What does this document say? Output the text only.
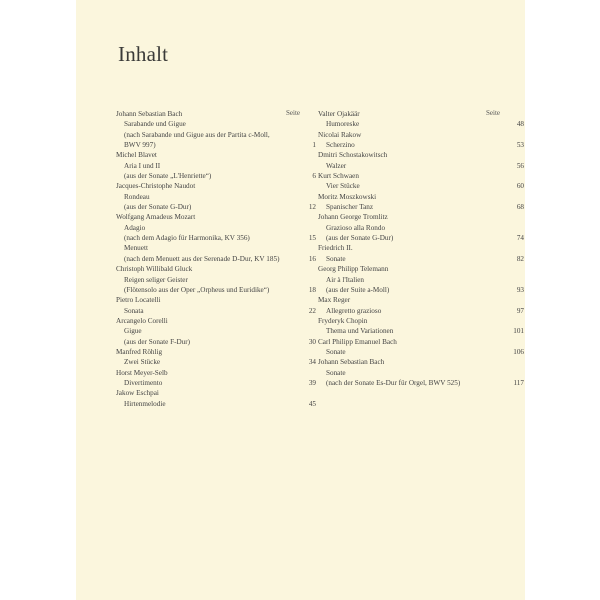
Inhalt
Seite	Seite
Johann Sebastian Bach
Sarabande und Gigue
(nach Sarabande und Gigue aus der Partita c-Moll,
BWV 997)	1
Michel Blavet
Aria I und II
(aus der Sonate „L'Henriette“)	6
Jacques-Christophe Naudot
Rondeau
(aus der Sonate G-Dur)	12
Wolfgang Amadeus Mozart
Adagio
(nach dem Adagio für Harmonika, KV 356)	15
Menuett
(nach dem Menuett aus der Serenade D-Dur, KV 185)	16
Christoph Willibald Gluck
Reigen seliger Geister
(Flötensolo aus der Oper „Orpheus und Euridike“)	18
Pietro Locatelli
Sonata	22
Arcangelo Corelli
Gigue
(aus der Sonate F-Dur)	30
Manfred Röhlig
Zwei Stücke	34
Horst Meyer-Selb
Divertimento	39
Jakow Eschpai
Hirtenmelodie	45
Valter Ojakäär
Humoreske	48
Nicolai Rakow
Scherzino	53
Dmitri Schostakowitsch
Walzer	56
Kurt Schwaen
Vier Stücke	60
Moritz Moszkowski
Spanischer Tanz	68
Johann George Tromlitz
Grazioso alla Rondo
(aus der Sonate G-Dur)	74
Friedrich II.
Sonate	82
Georg Philipp Telemann
Air à l'Italien
(aus der Suite a-Moll)	93
Max Reger
Allegretto grazioso	97
Fryderyk Chopin
Thema und Variationen	101
Carl Philipp Emanuel Bach
Sonate	106
Johann Sebastian Bach
Sonate
(nach der Sonate Es-Dur für Orgel, BWV 525)	117
